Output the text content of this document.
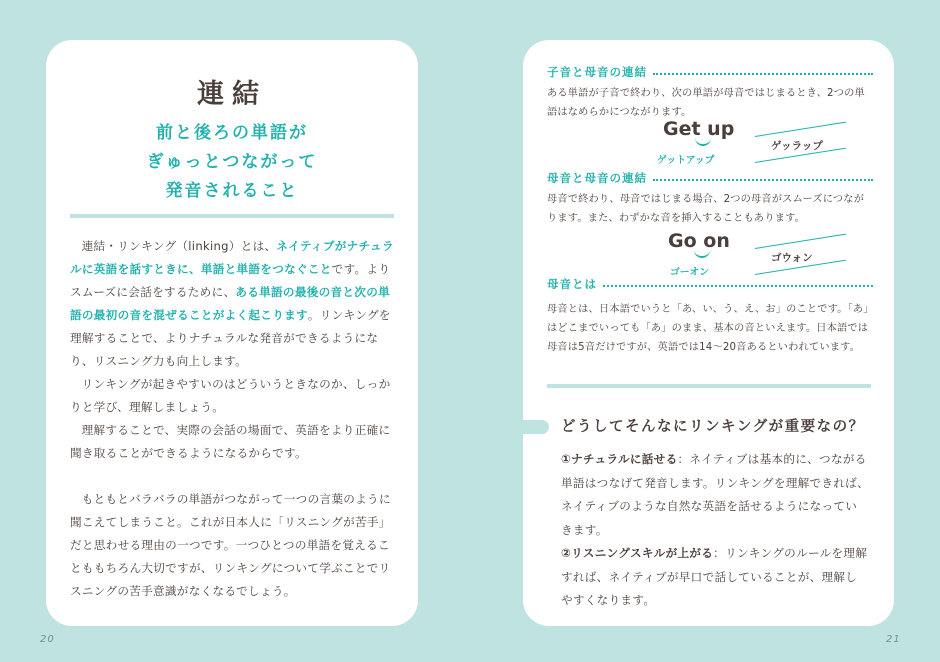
連結
前と後ろの単語が
ぎゅっとつながって
発音されること

連結・リンキング（linking）とは、ネイティブがナチュラルに英語を話すときに、単語と単語をつなぐことです。よりスムーズに会話をするために、ある単語の最後の音と次の単語の最初の音を混ぜることがよく起こります。リンキングを理解することで、よりナチュラルな発音ができるようになり、リスニング力も向上します。

リンキングが起きやすいのはどういうときなのか、しっかりと学び、理解しましょう。

理解することで、実際の会話の場面で、英語をより正確に聞き取ることができるようになるからです。

もともとバラバラの単語がつながって一つの言葉のように聞こえてしまうこと。これが日本人に「リスニングが苦手」だと思わせる理由の一つです。一つひとつの単語を覚えることももちろん大切ですが、リンキングについて学ぶことでリスニングの苦手意識がなくなるでしょう。

20
子音と母音の連結
ある単語が子音で終わり、次の単語が母音ではじまるとき、2つの単語はなめらかにつながります。
Get up
ゲットアップ
ゲッラップ
母音と母音の連結
母音で終わり、母音ではじまる場合、2つの母音がスムーズにつながります。また、わずかな音を挿入することもあります。
Go on
ゴーオン
ゴウォン
母音とは
母音とは、日本語でいうと「あ、い、う、え、お」のことです。「あ」はどこまでいっても「あ」のまま、基本の音といえます。日本語では母音は5音だけですが、英語では14〜20音あるといわれています。
どうしてそんなにリンキングが重要なの？

①ナチュラルに話せる：ネイティブは基本的に、つながる単語はつなげて発音します。リンキングを理解できれば、ネイティブのような自然な英語を話せるようになっていきます。

②リスニングスキルが上がる：リンキングのルールを理解すれば、ネイティブが早口で話していることが、理解しやすくなります。

21
